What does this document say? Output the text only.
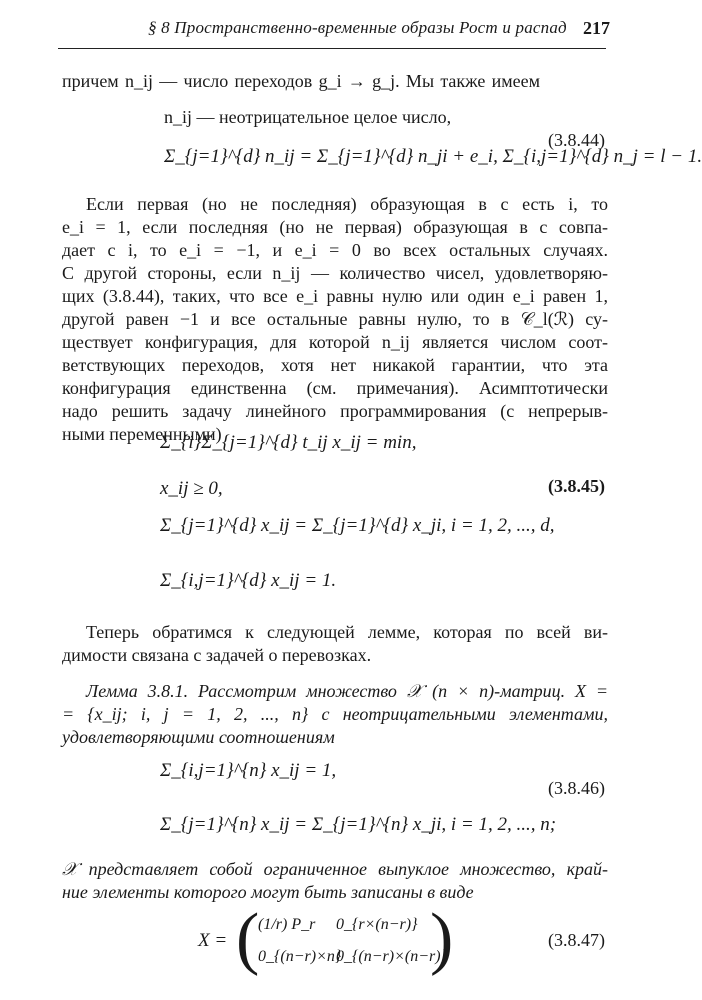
§ 8 Пространственно-временные образы Рост и распад 217
причем n_ij — число переходов g_i → g_j. Мы также имеем
n_ij — неотрицательное целое число,
Σ_{j=1}^{d} n_ij = Σ_{j=1}^{d} n_ji + e_i, Σ_{i,j=1}^{d} n_j = l − 1.
(3.8.44)
Если первая (но не последняя) образующая в c есть i, то
e_i = 1, если последняя (но не первая) образующая в c совпа-
дает с i, то e_i = −1, и e_i = 0 во всех остальных случаях.
С другой стороны, если n_ij — количество чисел, удовлетворяю-
щих (3.8.44), таких, что все e_i равны нулю или один e_i равен 1,
другой равен −1 и все остальные равны нулю, то в 𝒞_l(ℛ) су-
ществует конфигурация, для которой n_ij является числом соот-
ветствующих переходов, хотя нет никакой гарантии, что эта
конфигурация единственна (см. примечания). Асимптотически
надо решить задачу линейного программирования (с непрерыв-
ными переменными)
Σ_{i}Σ_{j=1}^{d} t_ij x_ij = min,
x_ij ≥ 0,
Σ_{j=1}^{d} x_ij = Σ_{j=1}^{d} x_ji, i = 1, 2, ..., d,
Σ_{i,j=1}^{d} x_ij = 1.
(3.8.45)
Теперь обратимся к следующей лемме, которая по всей ви-
димости связана с задачей о перевозках.
Лемма 3.8.1. Рассмотрим множество 𝒳 (n × n)-матриц. X =
= {x_ij; i, j = 1, 2, ..., n} с неотрицательными элементами,
удовлетворяющими соотношениям
Σ_{i,j=1}^{n} x_ij = 1,
Σ_{j=1}^{n} x_ij = Σ_{j=1}^{n} x_ji, i = 1, 2, ..., n;
(3.8.46)
𝒳 представляет собой ограниченное выпуклое множество, край-
ние элементы которого могут быть записаны в виде
X = (
(1/r) P_r 0_{r×(n−r)}
0_{(n−r)×n}
0_{(n−r)×(n−r)}
)	(3.8.47)
